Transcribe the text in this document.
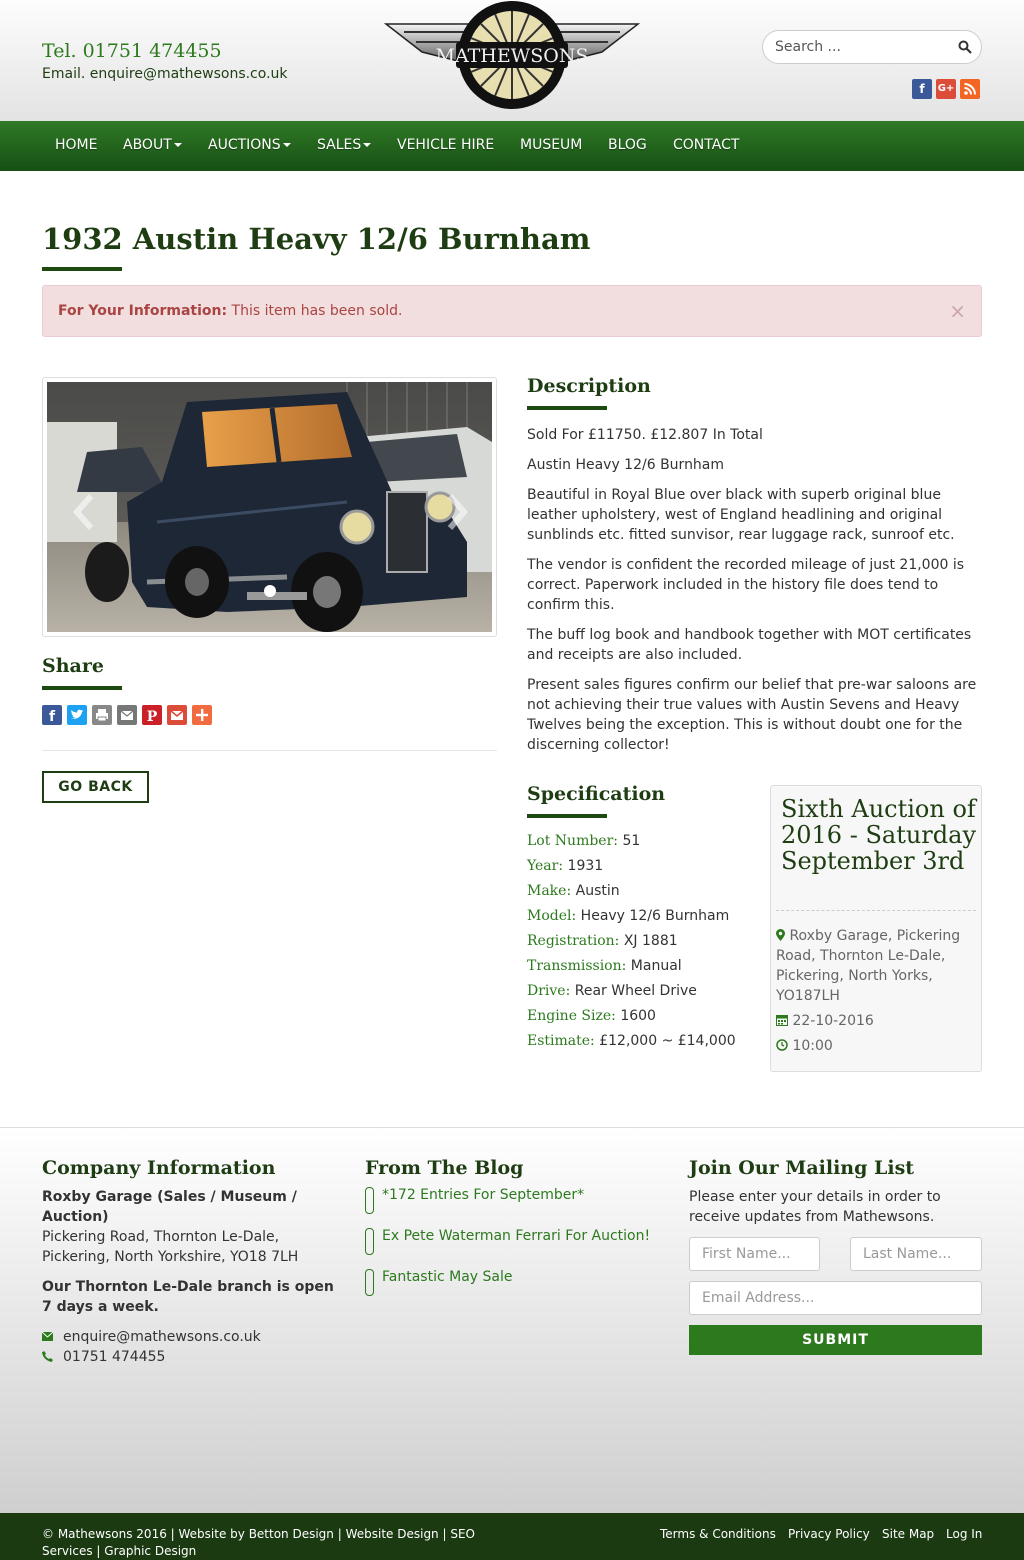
Tel. 01751 474455
Email. enquire@mathewsons.co.uk
MATHEWSONS
Search ...
f	G+
HOME ABOUT	AUCTIONS	SALES	VEHICLE HIRE MUSEUM BLOG CONTACT
1932 Austin Heavy 12/6 Burnham
For Your Information: This item has been sold.	×
Share
f	P
GO BACK
Description
Sold For £11750. £12.807 In Total
Austin Heavy 12/6 Burnham
Beautiful in Royal Blue over black with superb original blue leather upholstery, west of England headlining and original sunblinds etc. fitted sunvisor, rear luggage rack, sunroof etc.
The vendor is confident the recorded mileage of just 21,000 is correct. Paperwork included in the history file does tend to confirm this.
The buff log book and handbook together with MOT certificates and receipts are also included.
Present sales figures confirm our belief that pre-war saloons are not achieving their true values with Austin Sevens and Heavy Twelves being the exception. This is without doubt one for the discerning collector!
Specification
Lot Number: 51
Year: 1931
Make: Austin
Model: Heavy 12/6 Burnham
Registration: XJ 1881
Transmission: Manual
Drive: Rear Wheel Drive
Engine Size: 1600
Estimate: £12,000 ~ £14,000
Sixth Auction of 2016 - Saturday September 3rd
Roxby Garage, Pickering Road, Thornton Le-Dale, Pickering, North Yorks, YO187LH
22-10-2016
10:00
Company Information
Roxby Garage (Sales / Museum / Auction)
Pickering Road, Thornton Le-Dale, Pickering, North Yorkshire, YO18 7LH
Our Thornton Le-Dale branch is open 7 days a week.
enquire@mathewsons.co.uk
01751 474455
From The Blog
*172 Entries For September*
Ex Pete Waterman Ferrari For Auction!
Fantastic May Sale
Join Our Mailing List
Please enter your details in order to receive updates from Mathewsons.
First Name...
Last Name...
Email Address...
SUBMIT
© Mathewsons 2016 | Website by Betton Design | Website Design | SEO Services | Graphic Design
Terms & Conditions Privacy Policy Site Map Log In
